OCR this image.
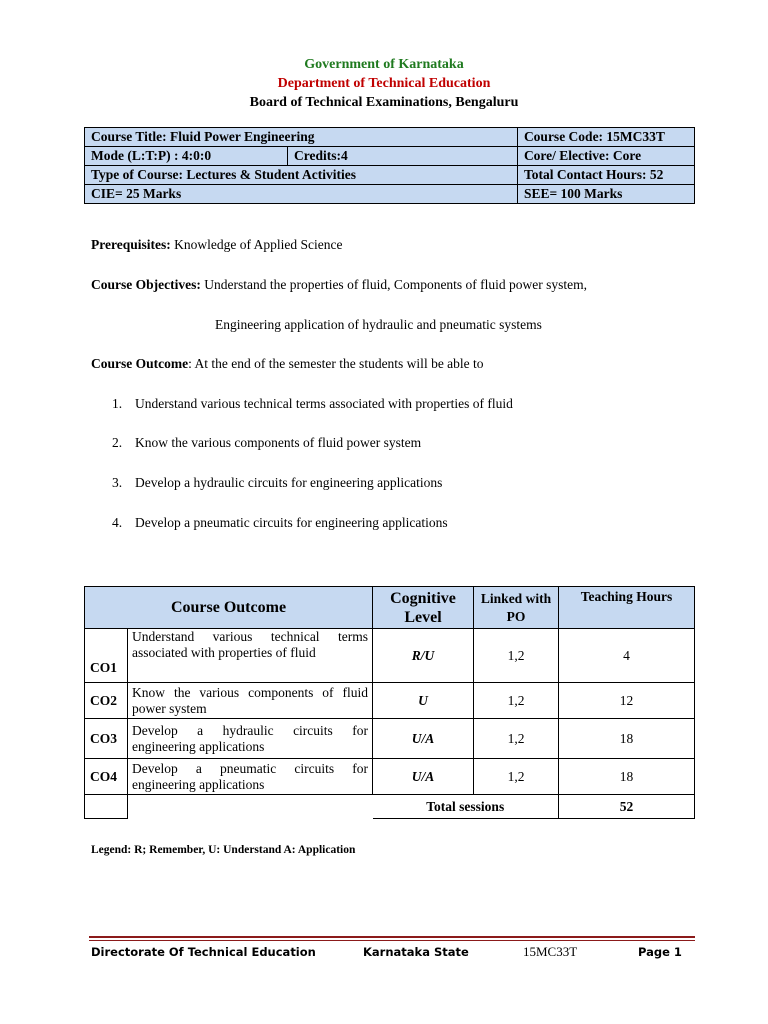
Government of Karnataka
Department of Technical Education
Board of Technical Examinations, Bengaluru
Course Title: Fluid Power Engineering		Course Code: 15MC33T
Mode (L:T:P) : 4:0:0	Credits:4	Core/ Elective: Core
Type of Course: Lectures & Student Activities		Total Contact Hours: 52
CIE= 25 Marks		SEE= 100 Marks
Prerequisites: Knowledge of Applied Science
Course Objectives: Understand the properties of fluid, Components of fluid power system,
Engineering application of hydraulic and pneumatic systems
Course Outcome: At the end of the semester the students will be able to
1. Understand various technical terms associated with properties of fluid
2. Know the various components of fluid power system
3. Develop a hydraulic circuits for engineering applications
4. Develop a pneumatic circuits for engineering applications
Course Outcome		Cognitive Level	Linked with PO	Teaching Hours
CO1	Understand various technical terms associated with properties of fluid	R/U	1,2	4
CO2	Know the various components of fluid power system	U	1,2	12
CO3	Develop a hydraulic circuits for engineering applications	U/A	1,2	18
CO4	Develop a pneumatic circuits for engineering applications	U/A	1,2	18
		Total sessions		52
Legend: R; Remember, U: Understand A: Application
Directorate Of Technical Education	Karnataka State	15MC33T	Page 1
